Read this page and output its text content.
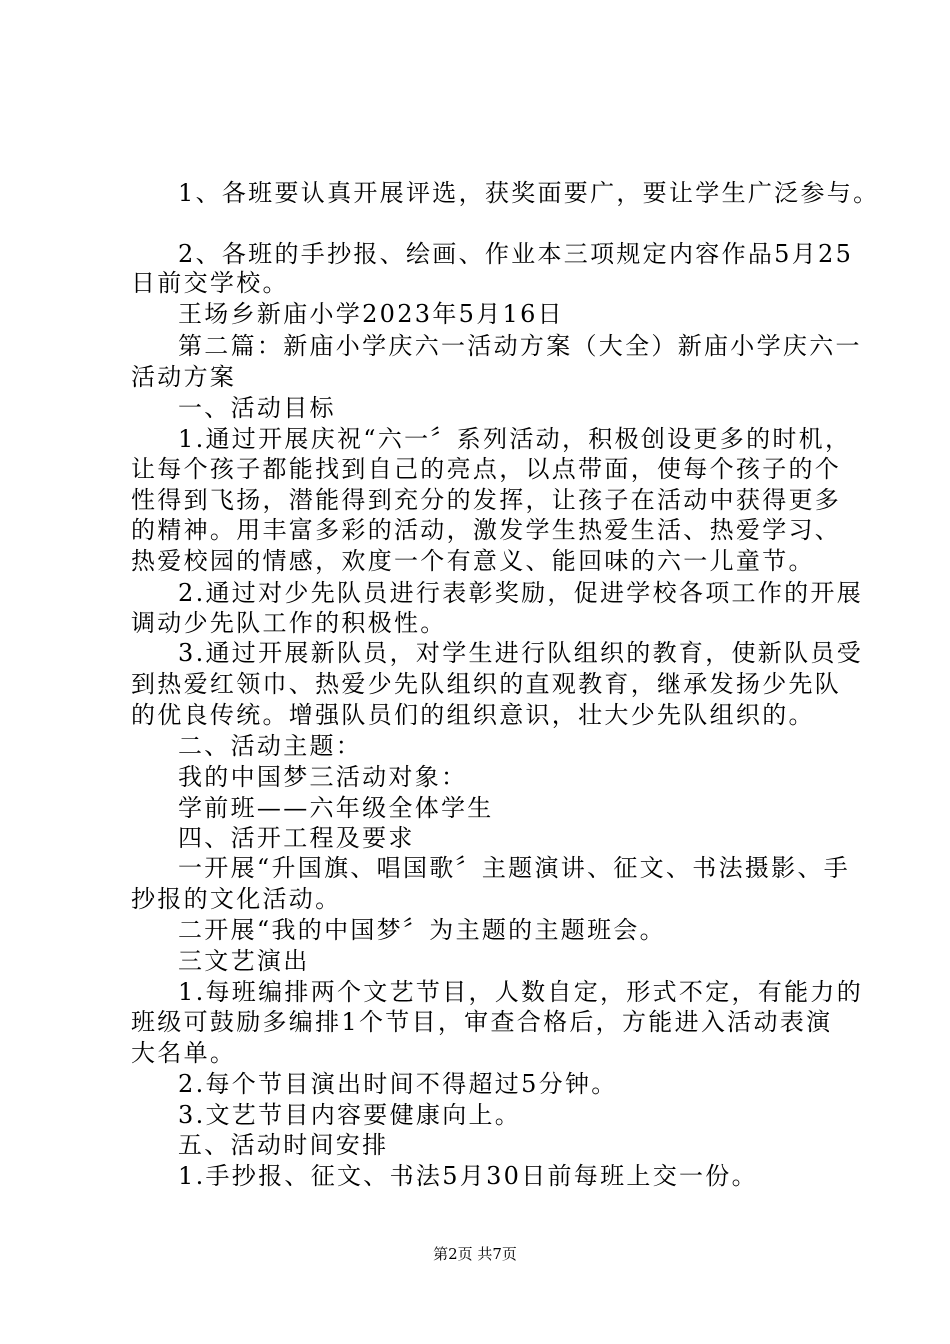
1、各班要认真开展评选，获奖面要广，要让学生广泛参与。
2、各班的手抄报、绘画、作业本三项规定内容作品5月25
日前交学校。
王场乡新庙小学2023年5月16日
第二篇：新庙小学庆六一活动方案（大全）新庙小学庆六一
活动方案
一、活动目标
1.通过开展庆祝“六一〞系列活动，积极创设更多的时机，
让每个孩子都能找到自己的亮点，以点带面，使每个孩子的个
性得到飞扬，潜能得到充分的发挥，让孩子在活动中获得更多
的精神。用丰富多彩的活动，激发学生热爱生活、热爱学习、
热爱校园的情感，欢度一个有意义、能回味的六一儿童节。
2.通过对少先队员进行表彰奖励，促进学校各项工作的开展
调动少先队工作的积极性。
3.通过开展新队员，对学生进行队组织的教育，使新队员受
到热爱红领巾、热爱少先队组织的直观教育，继承发扬少先队
的优良传统。增强队员们的组织意识，壮大少先队组织的。
二、活动主题：
我的中国梦三活动对象：
学前班——六年级全体学生
四、活开工程及要求
一开展“升国旗、唱国歌〞主题演讲、征文、书法摄影、手
抄报的文化活动。
二开展“我的中国梦〞为主题的主题班会。
三文艺演出
1.每班编排两个文艺节目，人数自定，形式不定，有能力的
班级可鼓励多编排1个节目，审查合格后，方能进入活动表演
大名单。
2.每个节目演出时间不得超过5分钟。
3.文艺节目内容要健康向上。
五、活动时间安排
1.手抄报、征文、书法5月30日前每班上交一份。
第2页 共7页
